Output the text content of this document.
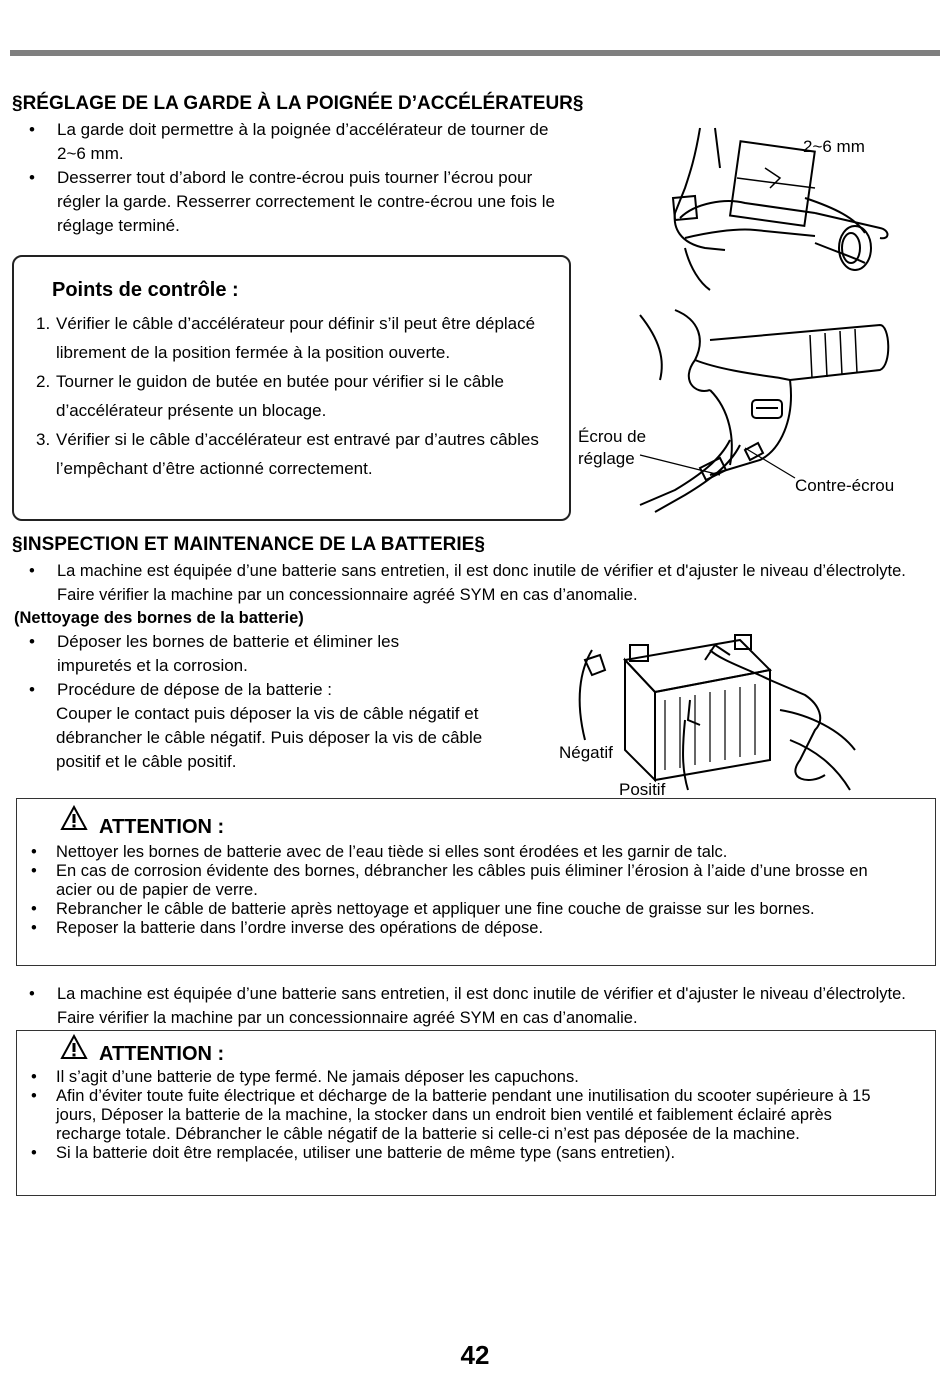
§RÉGLAGE DE LA GARDE À LA POIGNÉE D’ACCÉLÉRATEUR§
• La garde doit permettre à la poignée d’accélérateur de tourner de 2~6 mm.
• Desserrer tout d’abord le contre-écrou puis tourner l’écrou pour régler la garde. Resserrer correctement le contre-écrou une fois le réglage terminé.
2~6 mm
Points de contrôle :
1. Vérifier le câble d’accélérateur pour définir s’il peut être déplacé librement de la position fermée à la position ouverte.
2. Tourner le guidon de butée en butée pour vérifier si le câble d’accélérateur présente un blocage.
3. Vérifier si le câble d’accélérateur est entravé par d’autres câbles l’empêchant d’être actionné correctement.
Écrou de
réglage
Contre-écrou
§INSPECTION ET MAINTENANCE DE LA BATTERIE§
• La machine est équipée d’une batterie sans entretien, il est donc inutile de vérifier et d'ajuster le niveau d’électrolyte. Faire vérifier la machine par un concessionnaire agréé SYM en cas d’anomalie.
(Nettoyage des bornes de la batterie)
• Déposer les bornes de batterie et éliminer les impuretés et la corrosion.
• Procédure de dépose de la batterie :
Couper le contact puis déposer la vis de câble négatif et débrancher le câble négatif. Puis déposer la vis de câble positif et le câble positif.	Négatif
Positif
ATTENTION :
• Nettoyer les bornes de batterie avec de l’eau tiède si elles sont érodées et les garnir de talc.
• En cas de corrosion évidente des bornes, débrancher les câbles puis éliminer l’érosion à l’aide d’une brosse en acier ou de papier de verre.
• Rebrancher le câble de batterie après nettoyage et appliquer une fine couche de graisse sur les bornes.
• Reposer la batterie dans l’ordre inverse des opérations de dépose.
• La machine est équipée d’une batterie sans entretien, il est donc inutile de vérifier et d'ajuster le niveau d’électrolyte. Faire vérifier la machine par un concessionnaire agréé SYM en cas d’anomalie.
ATTENTION :
• Il s’agit d’une batterie de type fermé. Ne jamais déposer les capuchons.
• Afin d’éviter toute fuite électrique et décharge de la batterie pendant une inutilisation du scooter supérieure à 15 jours, Déposer la batterie de la machine, la stocker dans un endroit bien ventilé et faiblement éclairé après recharge totale. Débrancher le câble négatif de la batterie si celle-ci n’est pas déposée de la machine.
• Si la batterie doit être remplacée, utiliser une batterie de même type (sans entretien).
42
